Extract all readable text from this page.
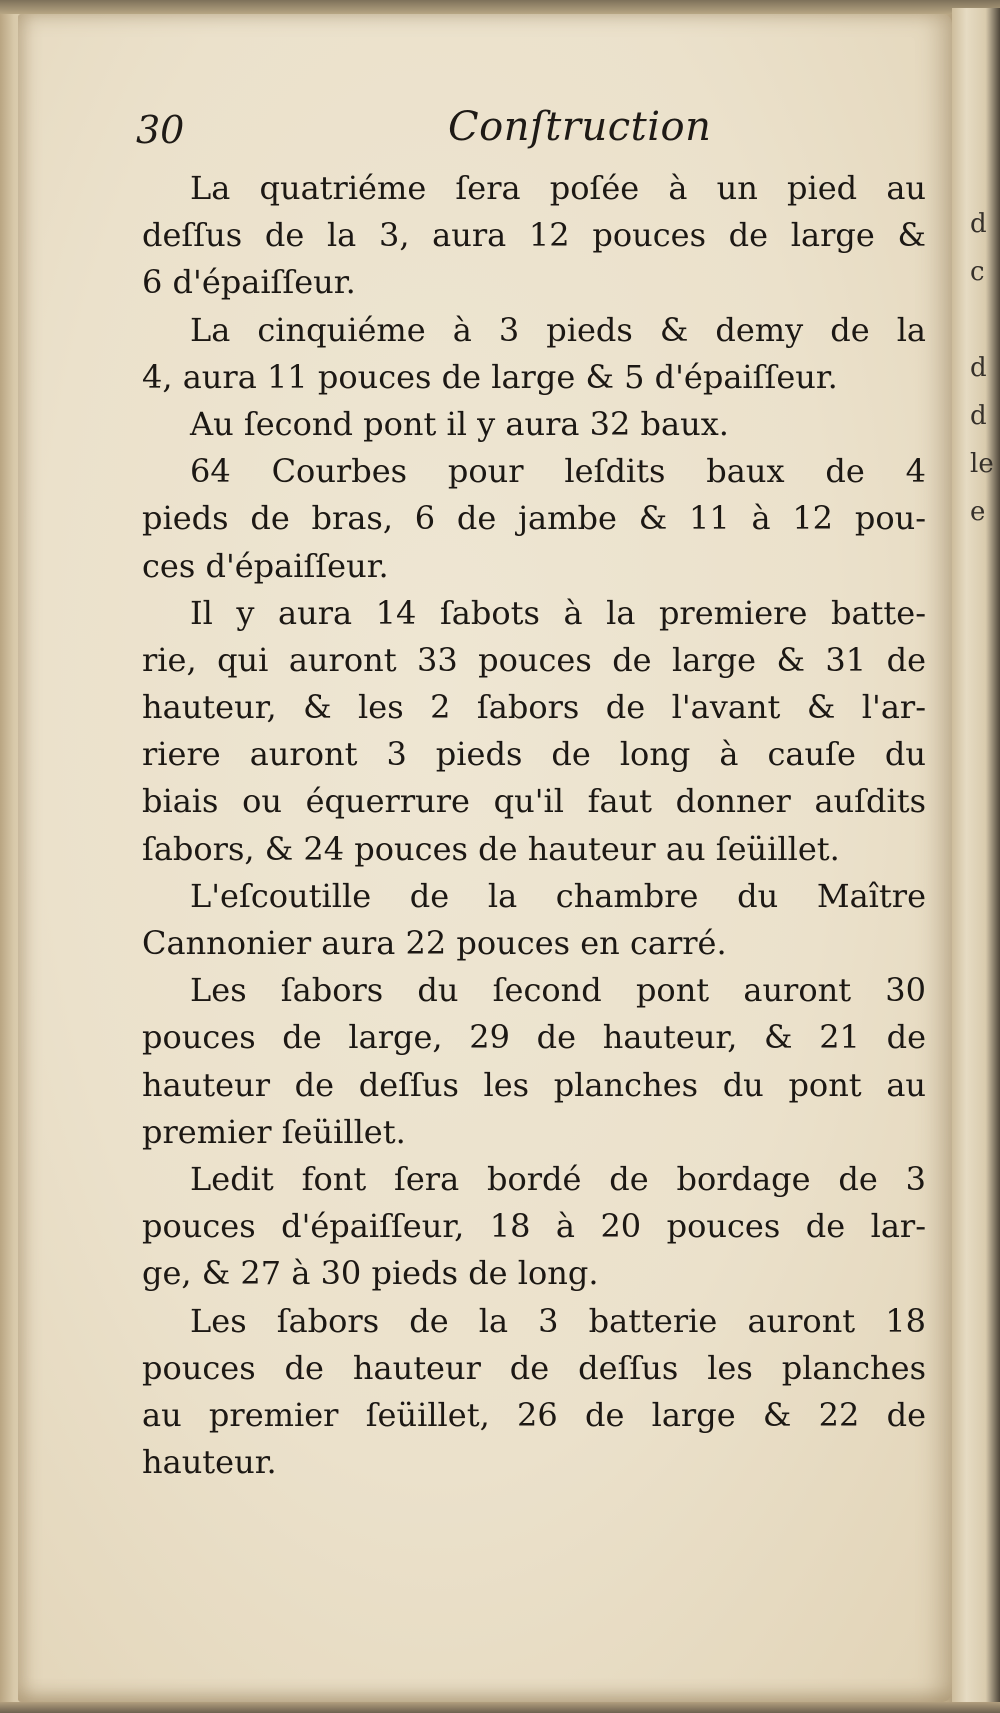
30	Conſtruction
La quatriéme ſera poſée à un pied au
deſſus de la 3, aura 12 pouces de large &
6 d'épaiſſeur.
La cinquiéme à 3 pieds & demy de la
4, aura 11 pouces de large & 5 d'épaiſſeur.
Au ſecond pont il y aura 32 baux.
64 Courbes pour leſdits baux de 4
pieds de bras, 6 de jambe & 11 à 12 pou-
ces d'épaiſſeur.
Il y aura 14 ſabots à la premiere batte-
rie, qui auront 33 pouces de large & 31 de
hauteur, & les 2 ſabors de l'avant & l'ar-
riere auront 3 pieds de long à cauſe du
biais ou équerrure qu'il faut donner auſdits
ſabors, & 24 pouces de hauteur au ſeüillet.
L'eſcoutille de la chambre du Maître
Cannonier aura 22 pouces en carré.
Les ſabors du ſecond pont auront 30
pouces de large, 29 de hauteur, & 21 de
hauteur de deſſus les planches du pont au
premier ſeüillet.
Ledit font ſera bordé de bordage de 3
pouces d'épaiſſeur, 18 à 20 pouces de lar-
ge, & 27 à 30 pieds de long.
Les ſabors de la 3 batterie auront 18
pouces de hauteur de deſſus les planches
au premier ſeüillet, 26 de large & 22 de
hauteur.
d
c
d
d
le
e
